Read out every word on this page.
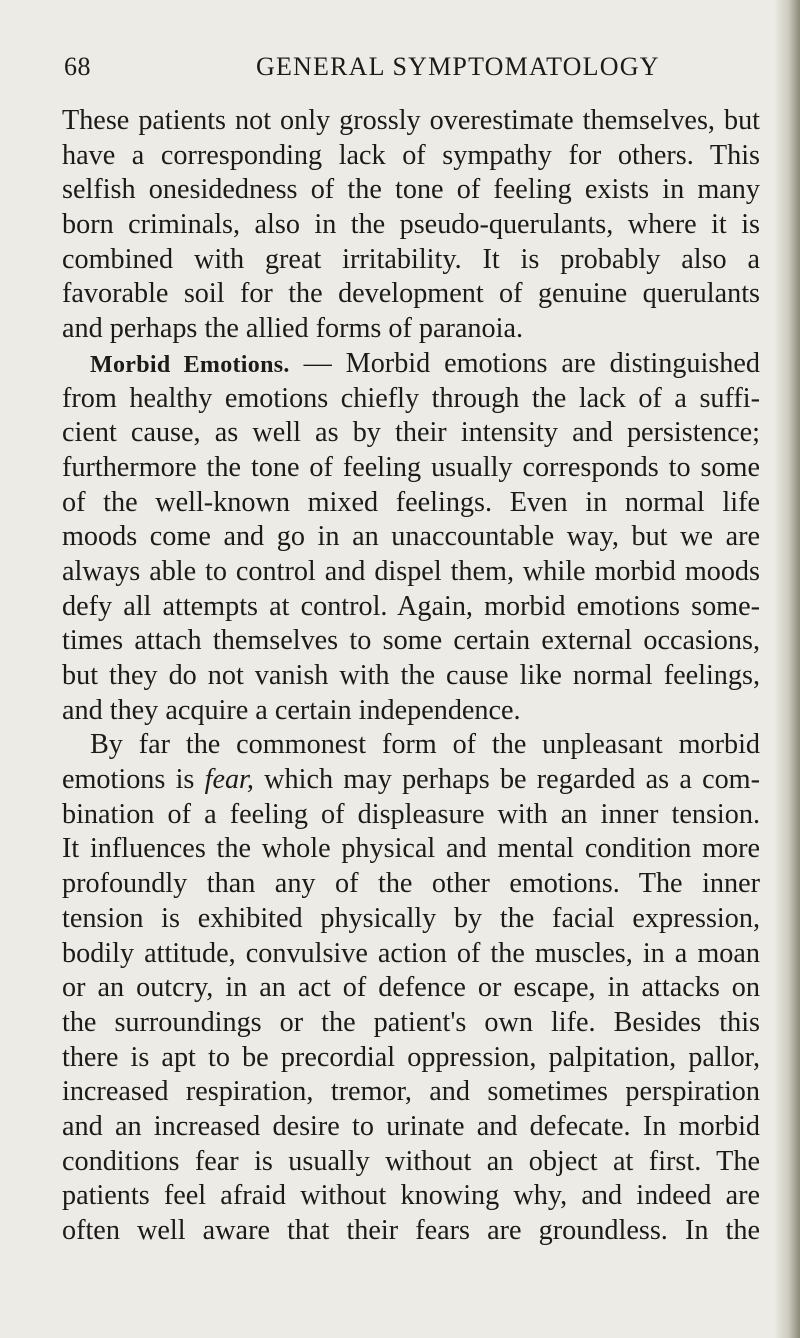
68	GENERAL SYMPTOMATOLOGY
These patients not only grossly overestimate themselves, but
have a corresponding lack of sympathy for others. This
selfish onesidedness of the tone of feeling exists in many
born criminals, also in the pseudo-querulants, where it is
combined with great irritability. It is probably also a
favorable soil for the development of genuine querulants
and perhaps the allied forms of paranoia.
Morbid Emotions. — Morbid emotions are distinguished
from healthy emotions chiefly through the lack of a suffi-
cient cause, as well as by their intensity and persistence;
furthermore the tone of feeling usually corresponds to some
of the well-known mixed feelings. Even in normal life
moods come and go in an unaccountable way, but we are
always able to control and dispel them, while morbid moods
defy all attempts at control. Again, morbid emotions some-
times attach themselves to some certain external occasions,
but they do not vanish with the cause like normal feelings,
and they acquire a certain independence.
By far the commonest form of the unpleasant morbid
emotions is fear, which may perhaps be regarded as a com-
bination of a feeling of displeasure with an inner tension.
It influences the whole physical and mental condition more
profoundly than any of the other emotions. The inner
tension is exhibited physically by the facial expression,
bodily attitude, convulsive action of the muscles, in a moan
or an outcry, in an act of defence or escape, in attacks on
the surroundings or the patient's own life. Besides this
there is apt to be precordial oppression, palpitation, pallor,
increased respiration, tremor, and sometimes perspiration
and an increased desire to urinate and defecate. In morbid
conditions fear is usually without an object at first. The
patients feel afraid without knowing why, and indeed are
often well aware that their fears are groundless. In the
